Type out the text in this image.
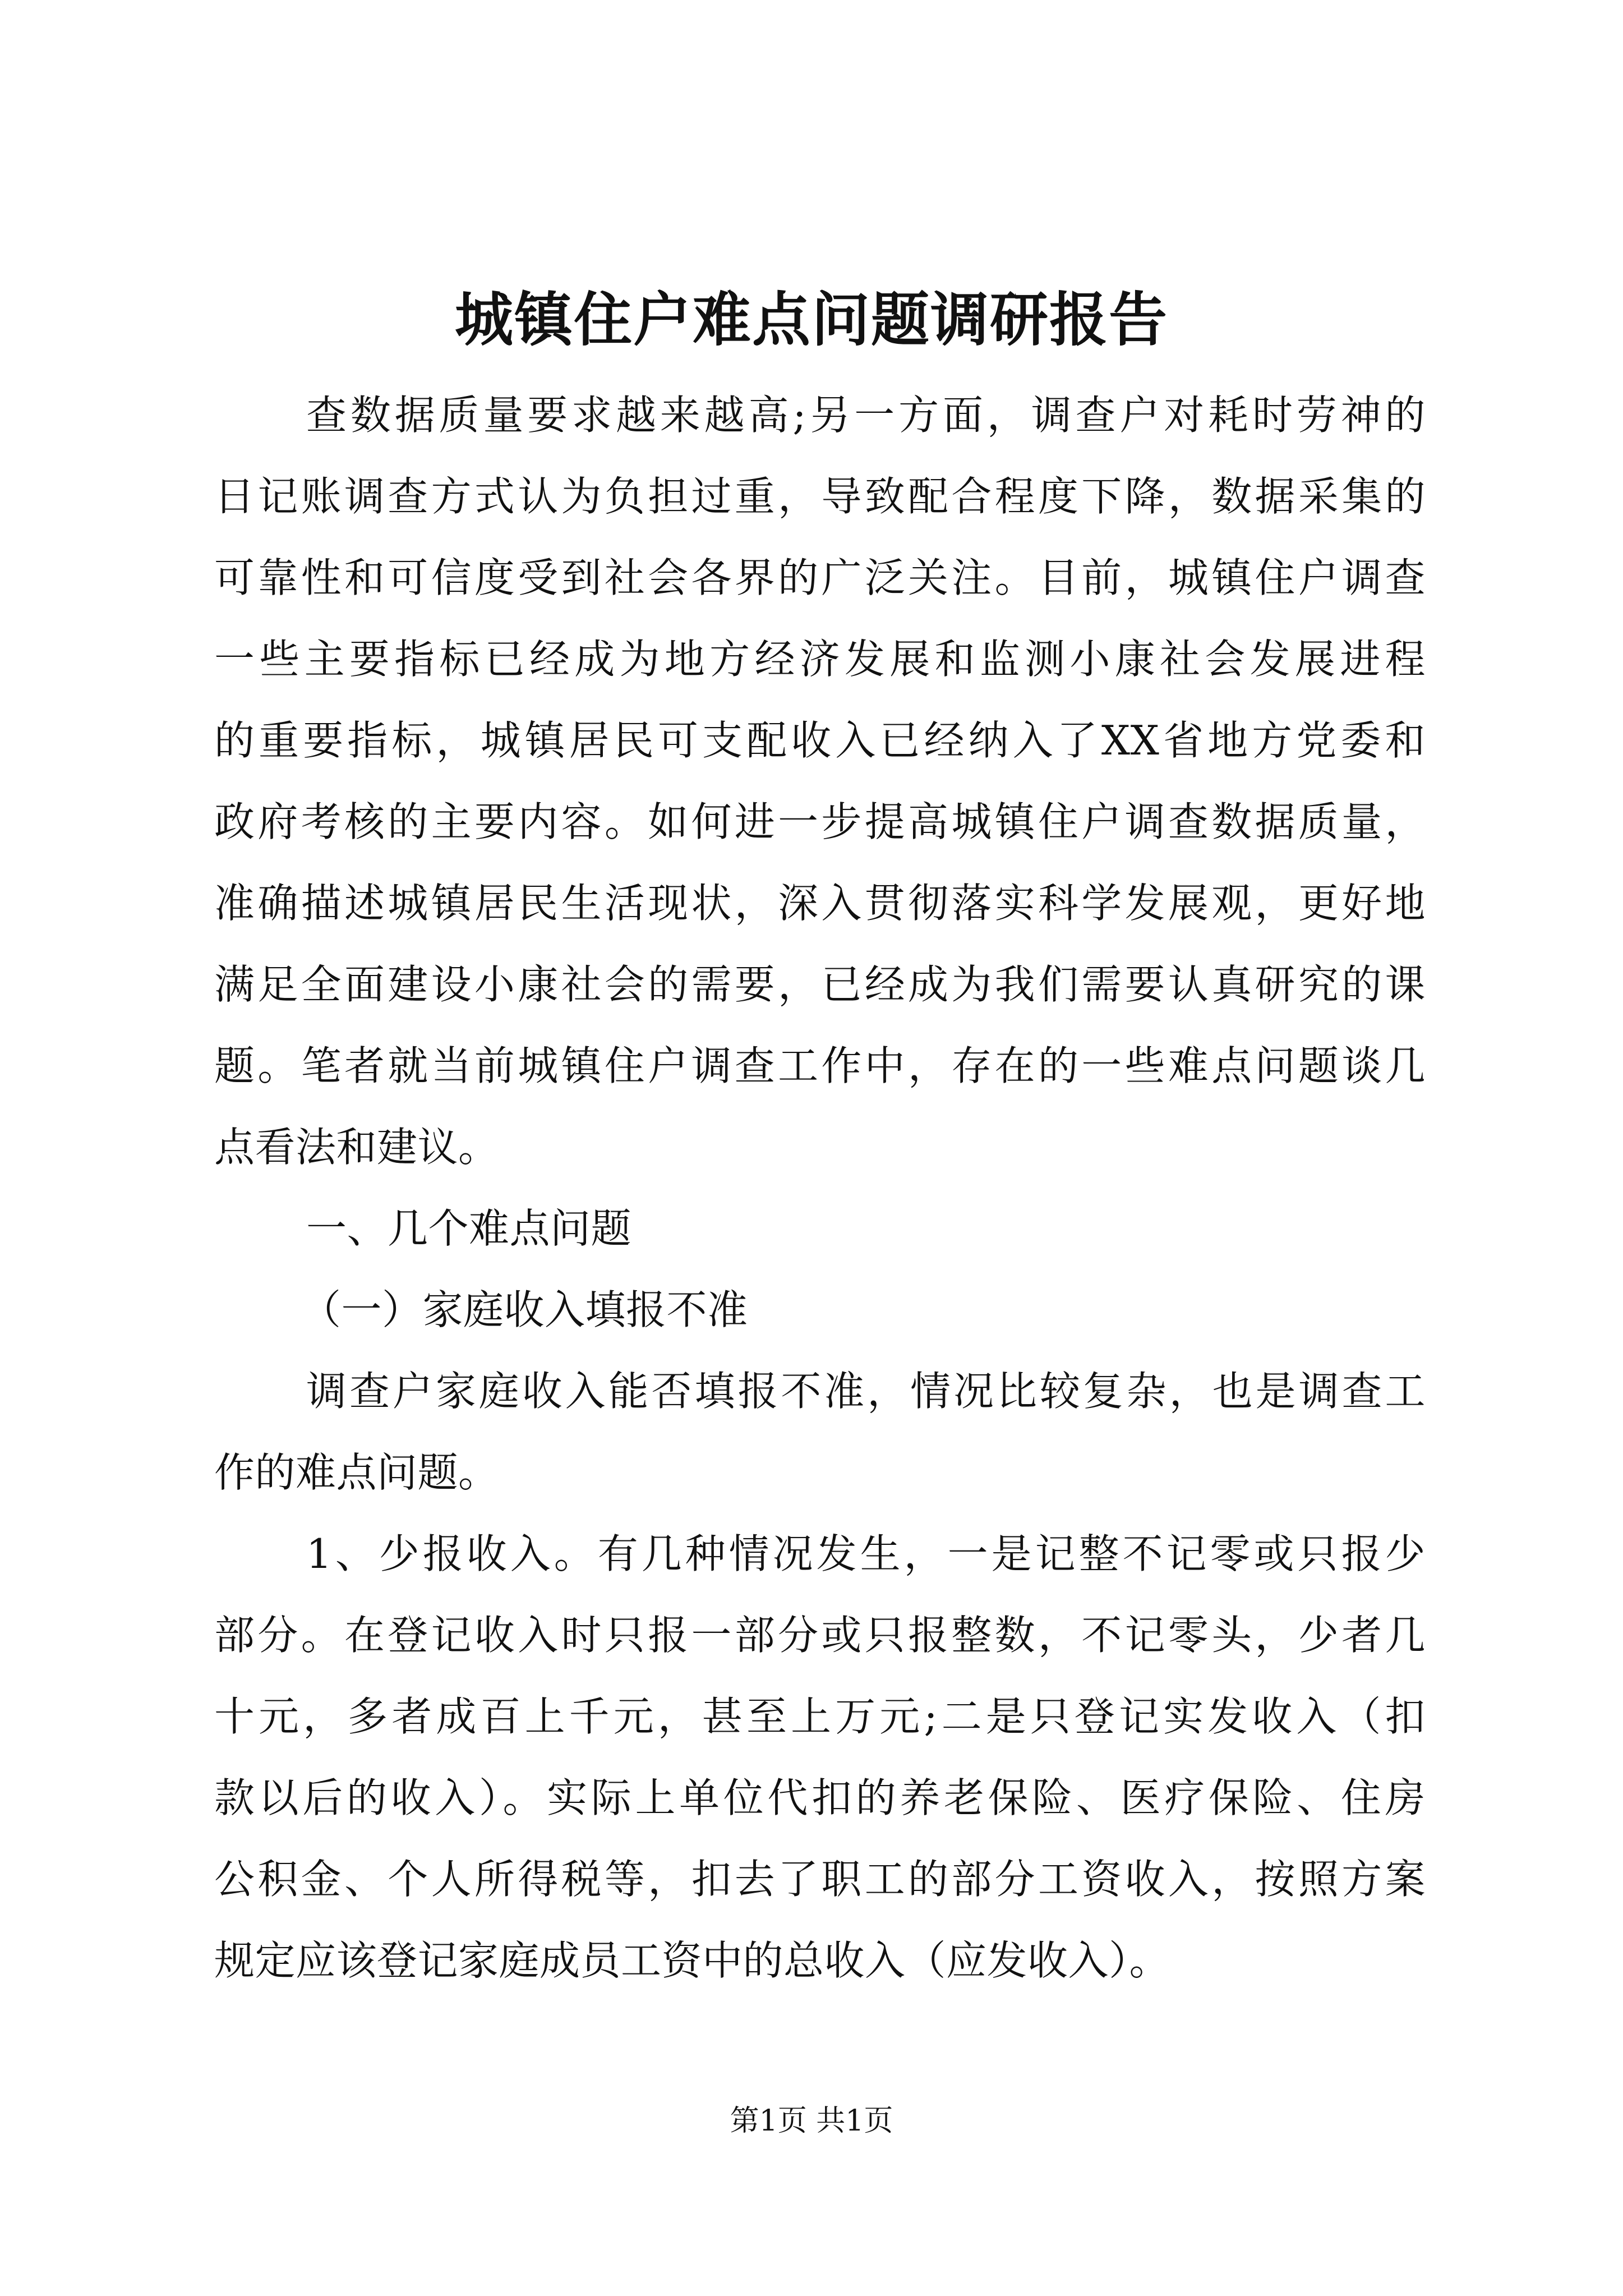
城镇住户难点问题调研报告
查数据质量要求越来越高;另一方面，调查户对耗时劳神的
日记账调查方式认为负担过重，导致配合程度下降，数据采集的
可靠性和可信度受到社会各界的广泛关注。目前，城镇住户调查
一些主要指标已经成为地方经济发展和监测小康社会发展进程
的重要指标，城镇居民可支配收入已经纳入了XX省地方党委和
政府考核的主要内容。如何进一步提高城镇住户调查数据质量，
准确描述城镇居民生活现状，深入贯彻落实科学发展观，更好地
满足全面建设小康社会的需要，已经成为我们需要认真研究的课
题。笔者就当前城镇住户调查工作中，存在的一些难点问题谈几
点看法和建议。
一、几个难点问题
（一）家庭收入填报不准
调查户家庭收入能否填报不准，情况比较复杂，也是调查工
作的难点问题。
1、少报收入。有几种情况发生，一是记整不记零或只报少
部分。在登记收入时只报一部分或只报整数，不记零头，少者几
十元，多者成百上千元，甚至上万元;二是只登记实发收入（扣
款以后的收入）。实际上单位代扣的养老保险、医疗保险、住房
公积金、个人所得税等，扣去了职工的部分工资收入，按照方案
规定应该登记家庭成员工资中的总收入（应发收入）。
第1页 共1页
